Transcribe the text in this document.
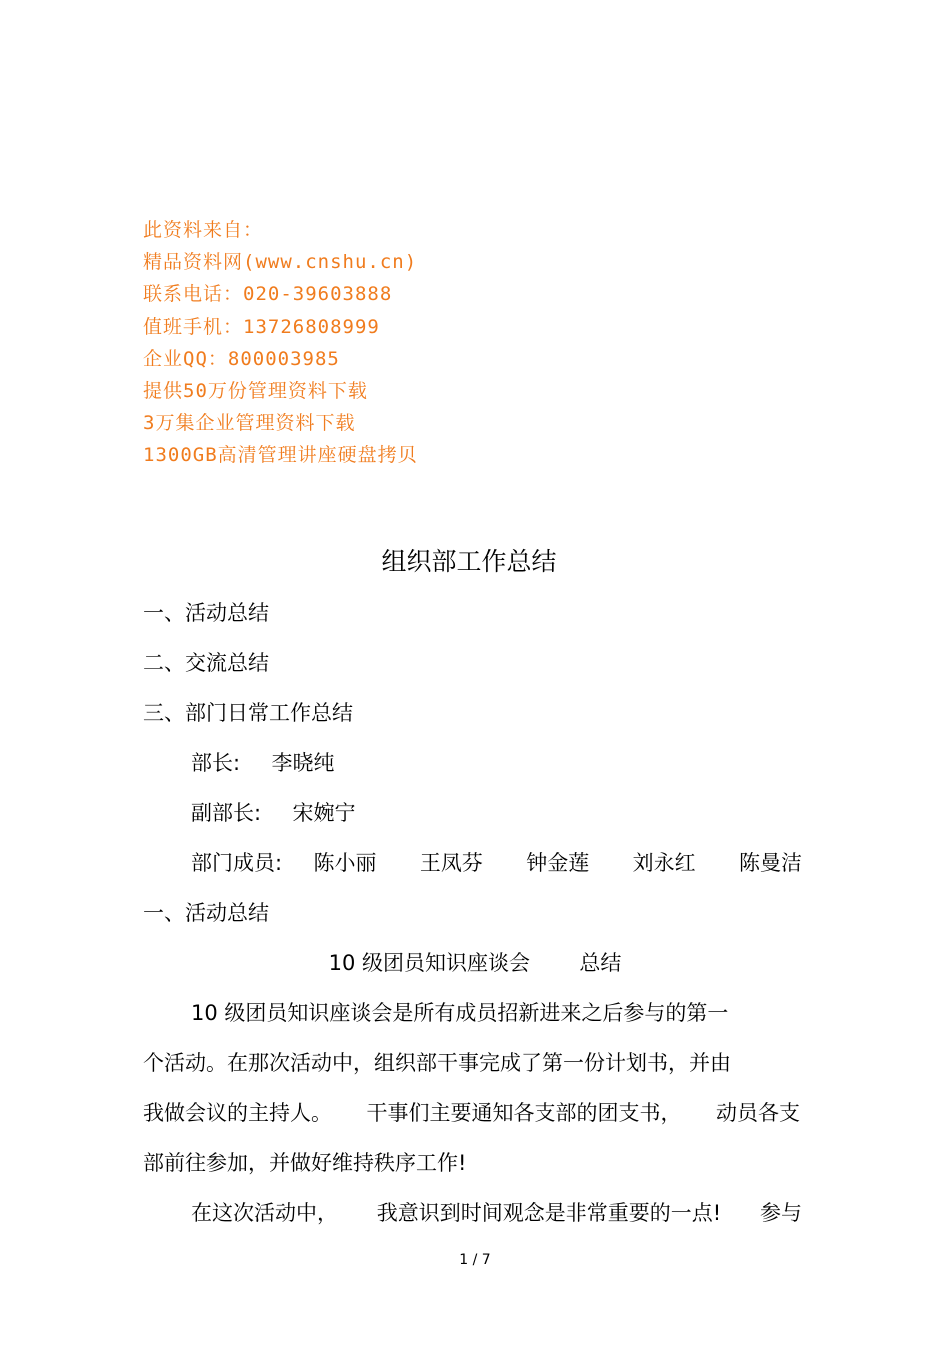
此资料来自：
精品资料网(www.cnshu.cn)
联系电话：020-39603888
值班手机：13726808999
企业QQ：800003985
提供50万份管理资料下载
3万集企业管理资料下载
1300GB高清管理讲座硬盘拷贝
组织部工作总结
一、活动总结
二、交流总结
三、部门日常工作总结
部长: 李晓纯
副部长: 宋婉宁
部门成员: 陈小丽 王凤芬 钟金莲 刘永红 陈曼洁
一、活动总结
10 级团员知识座谈会 总结
10 级团员知识座谈会是所有成员招新进来之后参与的第一
个活动。在那次活动中，组织部干事完成了第一份计划书，并由
我做会议的主持人。 干事们主要通知各支部的团支书， 动员各支
部前往参加，并做好维持秩序工作!
在这次活动中， 我意识到时间观念是非常重要的一点! 参与
1 / 7
